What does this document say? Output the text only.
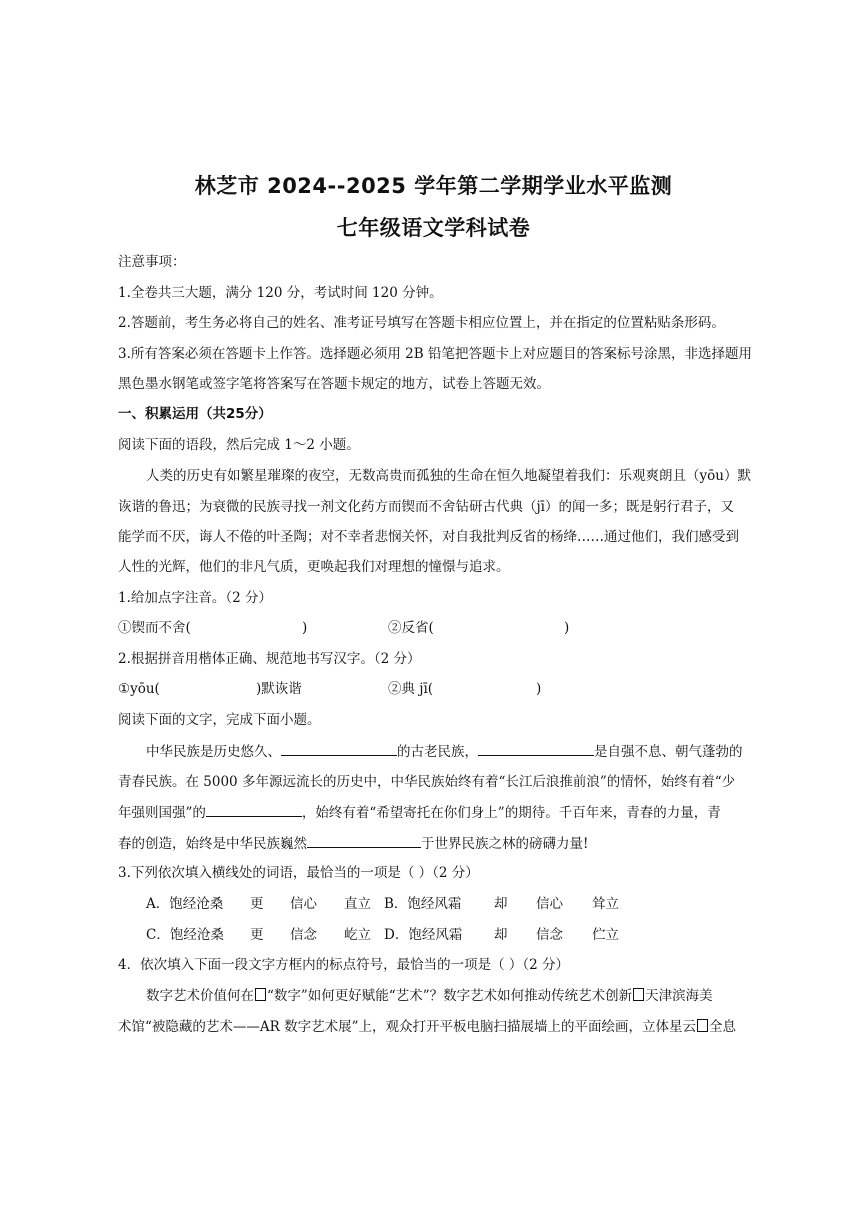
林芝市 2024--2025 学年第二学期学业水平监测
七年级语文学科试卷
注意事项：
1.全卷共三大题，满分 120 分，考试时间 120 分钟。
2.答题前，考生务必将自己的姓名、准考证号填写在答题卡相应位置上，并在指定的位置粘贴条形码。
3.所有答案必须在答题卡上作答。选择题必须用 2B 铅笔把答题卡上对应题目的答案标号涂黑，非选择题用
黑色墨水钢笔或签字笔将答案写在答题卡规定的地方，试卷上答题无效。
一、积累运用（共25分）
阅读下面的语段，然后完成 1～2 小题。
人类的历史有如繁星璀璨的夜空，无数高贵而孤独的生命在恒久地凝望着我们：乐观爽朗且（yōu）默
诙谐的鲁迅；为衰微的民族寻找一剂文化药方而锲而不舍钻研古代典（jī）的闻一多；既是躬行君子，又
能学而不厌，诲人不倦的叶圣陶；对不幸者悲悯关怀，对自我批判反省的杨绛……通过他们，我们感受到
人性的光辉，他们的非凡气质，更唤起我们对理想的憧憬与追求。
1.给加点字注音。（2 分）
①锲而不舍(	)	②反省(	)
2.根据拼音用楷体正确、规范地书写汉字。（2 分）
①yōu(	)默诙谐	②典 jī(	)
阅读下面的文字，完成下面小题。
中华民族是历史悠久、	的古老民族，	是自强不息、朝气蓬勃的
青春民族。在 5000 多年源远流长的历史中，中华民族始终有着“长江后浪推前浪”的情怀，始终有着“少
年强则国强”的	，始终有着“希望寄托在你们身上”的期待。千百年来，青春的力量，青
春的创造，始终是中华民族巍然	于世界民族之林的磅礴力量!
3.下列依次填入横线处的词语，最恰当的一项是（ ）（2 分）
A．饱经沧桑 更 信心 直立 B．饱经风霜 却 信心 耸立
C．饱经沧桑 更 信念 屹立 D．饱经风霜 却 信念 伫立
4．依次填入下面一段文字方框内的标点符号，最恰当的一项是（ ）（2 分）
数字艺术价值何在 “数字”如何更好赋能“艺术”？数字艺术如何推动传统艺术创新 天津滨海美
术馆“被隐藏的艺术——AR 数字艺术展”上，观众打开平板电脑扫描展墙上的平面绘画，立体星云 全息
